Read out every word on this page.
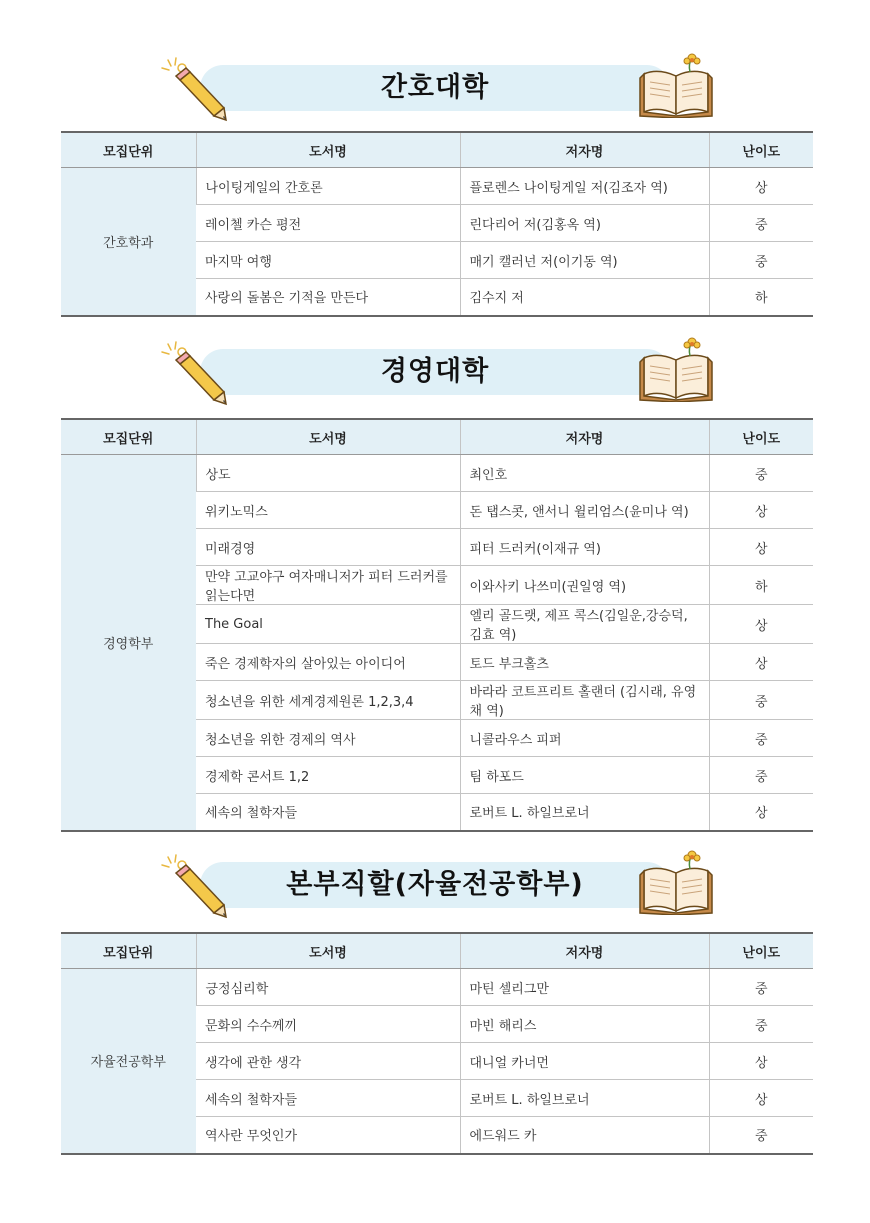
간호대학
모집단위	도서명	저자명	난이도
간호학과	나이팅게일의 간호론	플로렌스 나이팅게일 저(김조자 역)	상
	레이첼 카슨 평전	린다리어 저(김홍옥 역)	중
	마지막 여행	매기 캘러넌 저(이기동 역)	중
	사랑의 돌봄은 기적을 만든다	김수지 저	하
경영대학
모집단위	도서명	저자명	난이도
경영학부	상도	최인호	중
	위키노믹스	돈 탭스콧, 앤서니 윌리엄스(윤미나 역)	상
	미래경영	피터 드러커(이재규 역)	상
	만약 고교야구 여자매니저가 피터 드러커를 읽는다면	이와사키 나쓰미(권일영 역)	하
	The Goal	엘리 골드랫, 제프 콕스(김일운,강승덕,김효 역)	상
	죽은 경제학자의 살아있는 아이디어	토드 부크홀츠	상
	청소년을 위한 세계경제원론 1,2,3,4	바라라 코트프리트 홀랜더 (김시래, 유영채 역)	중
	청소년을 위한 경제의 역사	니콜라우스 피퍼	중
	경제학 콘서트 1,2	팀 하포드	중
	세속의 철학자들	로버트 L. 하일브로너	상
본부직할(자율전공학부)
모집단위	도서명	저자명	난이도
자율전공학부	긍정심리학	마틴 셀리그만	중
	문화의 수수께끼	마빈 해리스	중
	생각에 관한 생각	대니얼 카너먼	상
	세속의 철학자들	로버트 L. 하일브로너	상
	역사란 무엇인가	에드워드 카	중
